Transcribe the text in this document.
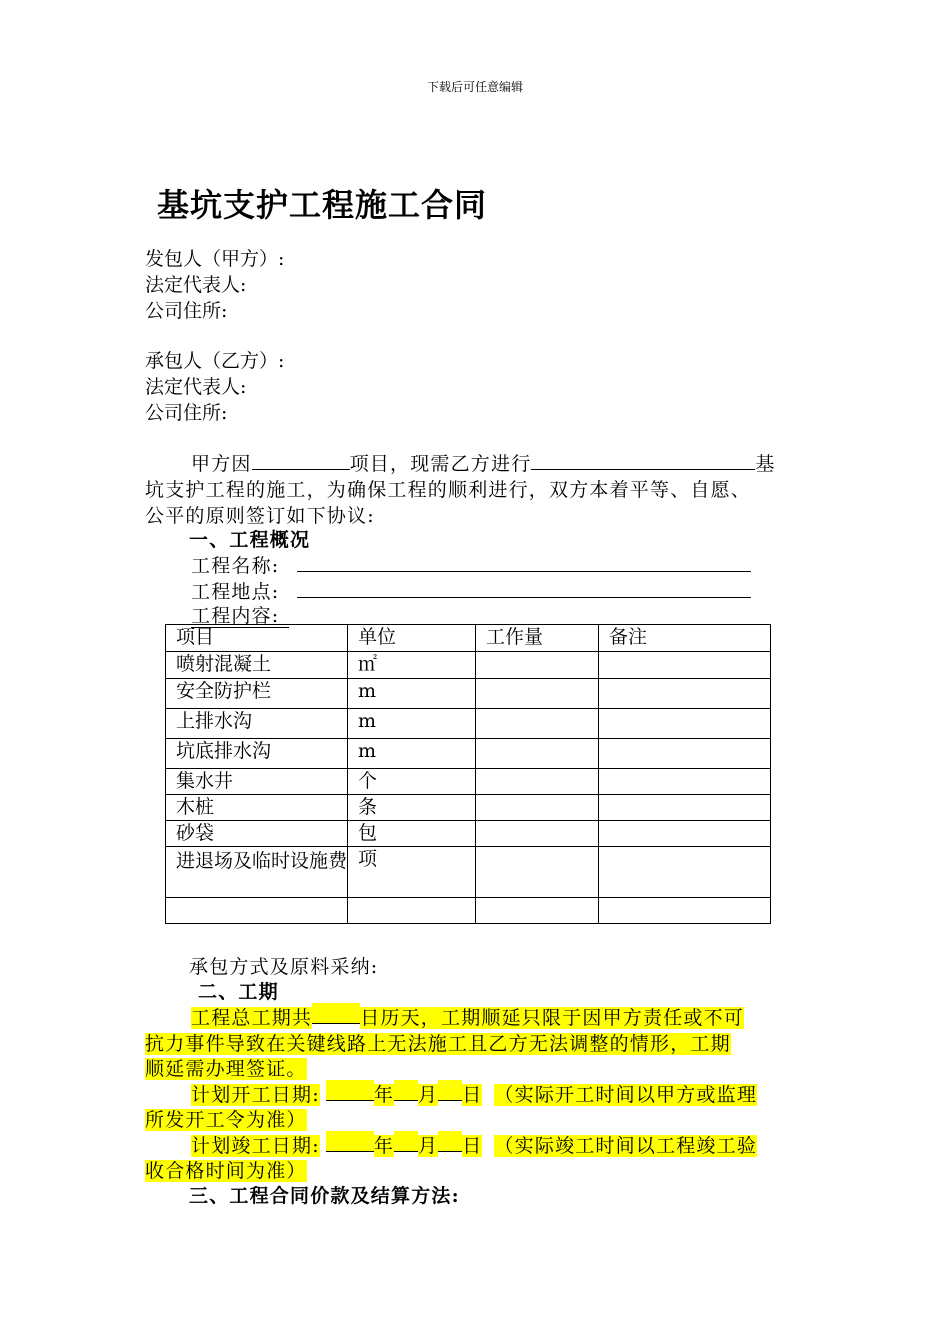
下载后可任意编辑
基坑支护工程施工合同
发包人（甲方）:
法定代表人:
公司住所:
承包人（乙方）:
法定代表人:
公司住所:
甲方因	项目，现需乙方进行	基
坑支护工程的施工，为确保工程的顺利进行，双方本着平等、自愿、
公平的原则签订如下协议:
一、工程概况
工程名称:
工程地点:
工程内容:
项目	单位	工作量	备注
喷射混凝土	㎡		
安全防护栏	m		
上排水沟	m		
坑底排水沟	m		
集水井	个		
木桩	条		
砂袋	包		
进退场及临时设施费	项		

承包方式及原料采纳:
二、工期
工程总工期共	日历天，工期顺延只限于因甲方责任或不可
抗力事件导致在关键线路上无法施工且乙方无法调整的情形，工期
顺延需办理签证。
计划开工日期:	年 月 日 （实际开工时间以甲方或监理
所发开工令为准）
计划竣工日期:	年 月 日 （实际竣工时间以工程竣工验
收合格时间为准）
三、工程合同价款及结算方法:
